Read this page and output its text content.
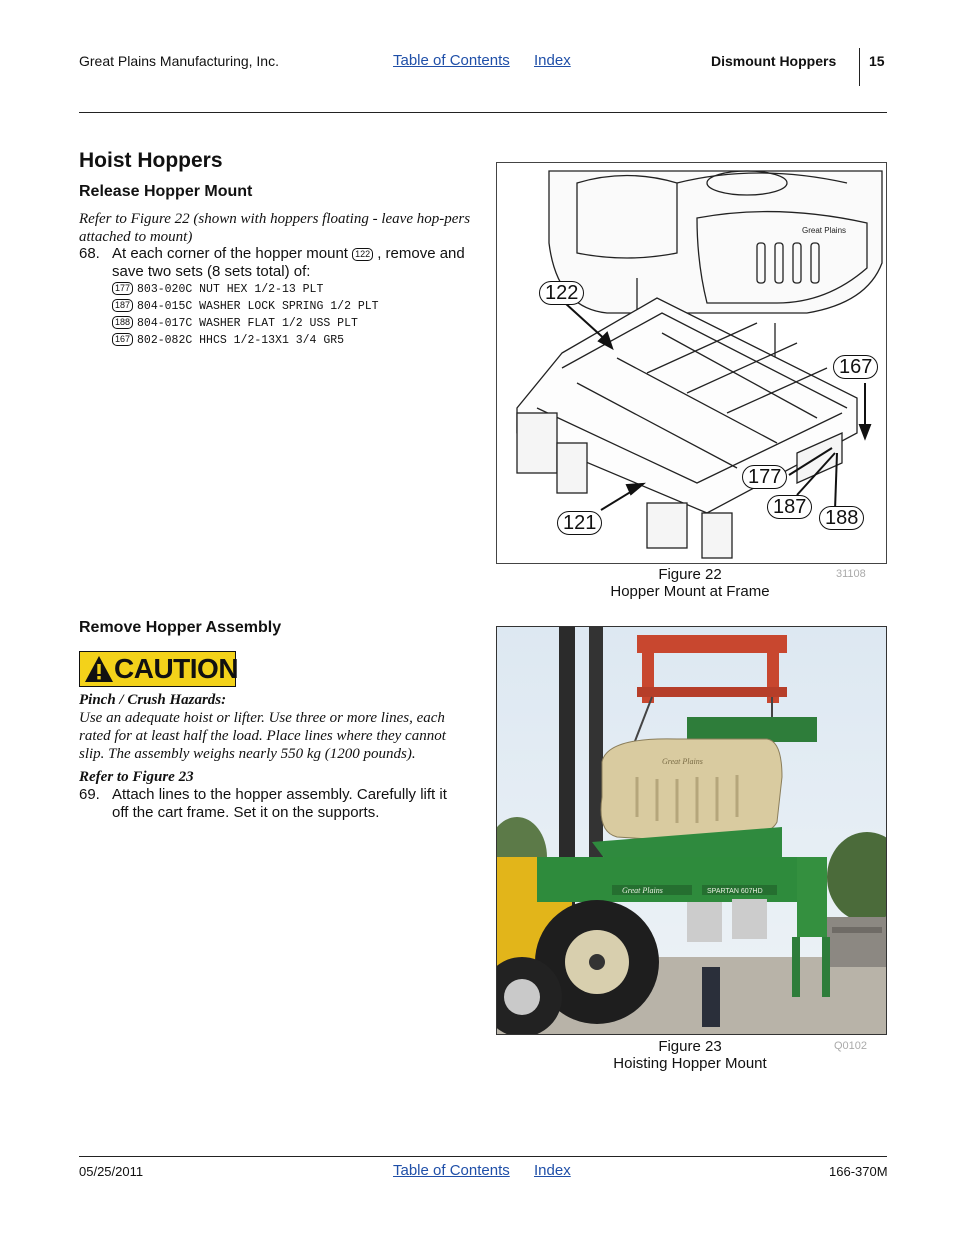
Great Plains Manufacturing, Inc.	Table of Contents Index	Dismount Hoppers 15
Hoist Hoppers
Release Hopper Mount
Refer to Figure 22 (shown with hoppers floating - leave hop-pers attached to mount)
68. At each corner of the hopper mount 122 , remove and save two sets (8 sets total) of:
177 803-020C NUT HEX 1/2-13 PLT
187 804-015C WASHER LOCK SPRING 1/2 PLT
188 804-017C WASHER FLAT 1/2 USS PLT
167 802-082C HHCS 1/2-13X1 3/4 GR5
Remove Hopper Assembly
CAUTION
Pinch / Crush Hazards:
Use an adequate hoist or lifter. Use three or more lines, each rated for at least half the load. Place lines where they cannot slip. The assembly weighs nearly 550 kg (1200 pounds).
Refer to Figure 23
69. Attach lines to the hopper assembly. Carefully lift it off the cart frame. Set it on the supports.
Great Plains
122
167
177
187 188
121
Figure 22
Hopper Mount at Frame
31108
Great Plains
Great Plains	SPARTAN 607HD
Figure 23
Hoisting Hopper Mount
Q0102
05/25/2011	Table of Contents Index	166-370M
